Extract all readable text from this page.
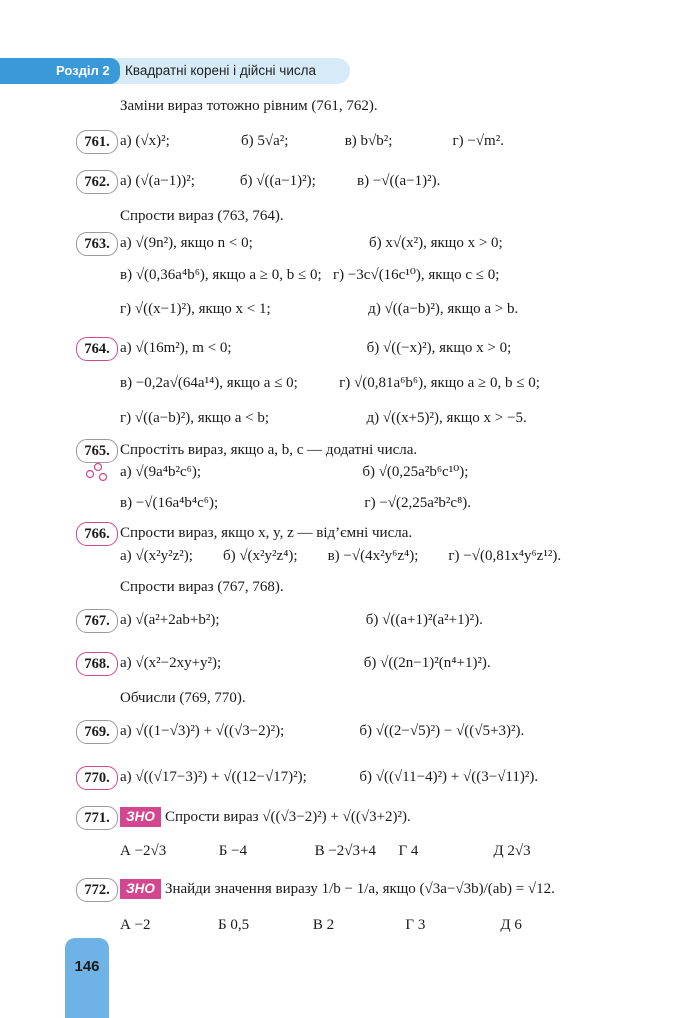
Розділ 2	Квадратні корені і дійсні числа
Заміни вираз тотожно рівним (761, 762).
761. а) (√x)²;                   б) 5√a²;               в) b√b²;                г) −√m².
762. а) (√(a−1))²;            б) √((a−1)²);           в) −√((a−1)²).
Спрости вираз (763, 764).
763. а) √(9n²), якщо n < 0;                               б) x√(x²), якщо x > 0;
в) √(0,36a⁴b⁶), якщо a ≥ 0, b ≤ 0;   г) −3c√(16c¹⁰), якщо c ≤ 0;
г) √((x−1)²), якщо x < 1;                          д) √((a−b)²), якщо a > b.
764. а) √(16m²), m < 0;                                    б) √((−x)²), якщо x > 0;
в) −0,2a√(64a¹⁴), якщо a ≤ 0;           г) √(0,81a⁶b⁶), якщо a ≥ 0, b ≤ 0;
г) √((a−b)²), якщо a < b;                          д) √((x+5)²), якщо x > −5.
765. Спростіть вираз, якщо a, b, c — додатні числа.
а) √(9a⁴b²c⁶);                                           б) √(0,25a²b⁶c¹⁰);
в) −√(16a⁴b⁴c⁶);                                       г) −√(2,25a²b²c⁸).
766. Спрости вираз, якщо x, y, z — від’ємні числа.
а) √(x²y²z²);        б) √(x²y²z⁴);        в) −√(4x²y⁶z⁴);        г) −√(0,81x⁴y⁶z¹²).
Спрости вираз (767, 768).
767. а) √(a²+2ab+b²);                                       б) √((a+1)²(a²+1)²).
768. а) √(x²−2xy+y²);                                      б) √((2n−1)²(n⁴+1)²).
Обчисли (769, 770).
769. а) √((1−√3)²) + √((√3−2)²);                    б) √((2−√5)²) − √((√5+3)²).
770. а) √((√17−3)²) + √((12−√17)²);              б) √((√11−4)²) + √((3−√11)²).
771.	ЗНО Спрости вираз √((√3−2)²) + √((√3+2)²).
А −2√3              Б −4                  В −2√3+4      Г 4                    Д 2√3
772.	ЗНО Знайди значення виразу 1/b − 1/a, якщо (√3a−√3b)/(ab) = √12.
А −2                  Б 0,5                 В 2                   Г 3                    Д 6
146
